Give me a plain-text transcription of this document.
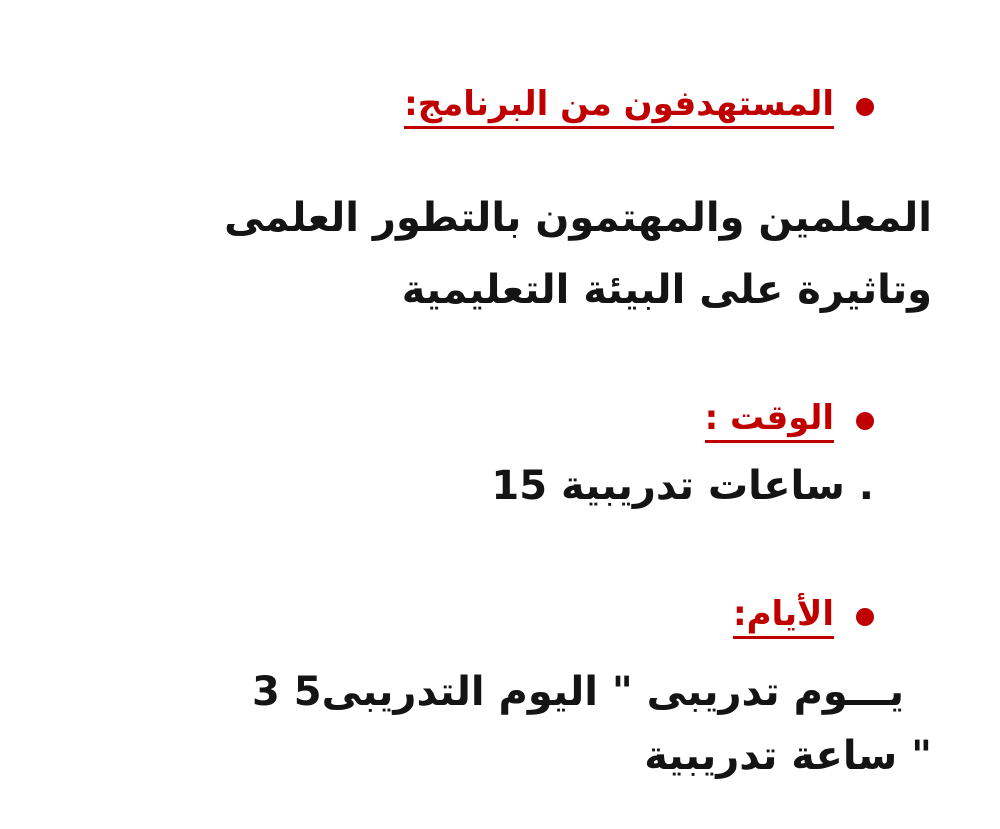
المستهدفون من البرنامج:
المعلمين والمهتمون بالتطور العلمى
وتاثيرة على البيئة التعليمية
الوقت :
15 ساعات تدريبية .
الأيام:
3 يـــوم تدريبى " اليوم التدريبى5
ساعة تدريبية "
